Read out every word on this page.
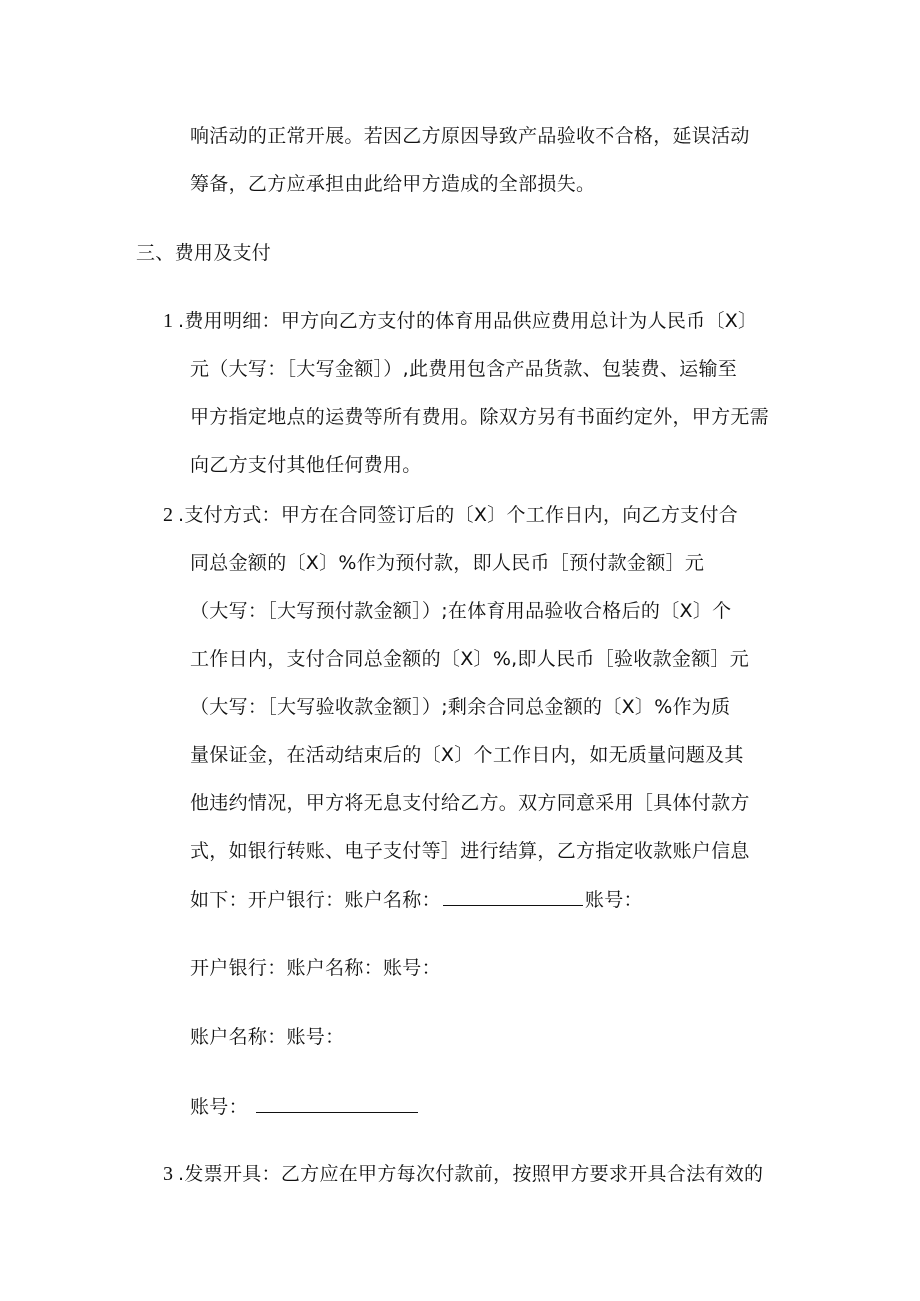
响活动的正常开展。若因乙方原因导致产品验收不合格，延误活动
筹备，乙方应承担由此给甲方造成的全部损失。
三、费用及支付
1 .费用明细：甲方向乙方支付的体育用品供应费用总计为人民币〔X〕
元（大写：［大写金额］）,此费用包含产品货款、包装费、运输至
甲方指定地点的运费等所有费用。除双方另有书面约定外，甲方无需
向乙方支付其他任何费用。
2 .支付方式：甲方在合同签订后的〔X〕个工作日内，向乙方支付合
同总金额的〔X〕%作为预付款，即人民币［预付款金额］元
（大写：［大写预付款金额］）;在体育用品验收合格后的〔X〕个
工作日内，支付合同总金额的〔X〕%,即人民币［验收款金额］元
（大写：［大写验收款金额］）;剩余合同总金额的〔X〕%作为质
量保证金，在活动结束后的〔X〕个工作日内，如无质量问题及其
他违约情况，甲方将无息支付给乙方。双方同意采用［具体付款方
式，如银行转账、电子支付等］进行结算，乙方指定收款账户信息
如下：开户银行：账户名称：	账号：
开户银行：账户名称：账号：
账户名称：账号：
账号：
3 .发票开具：乙方应在甲方每次付款前，按照甲方要求开具合法有效的
